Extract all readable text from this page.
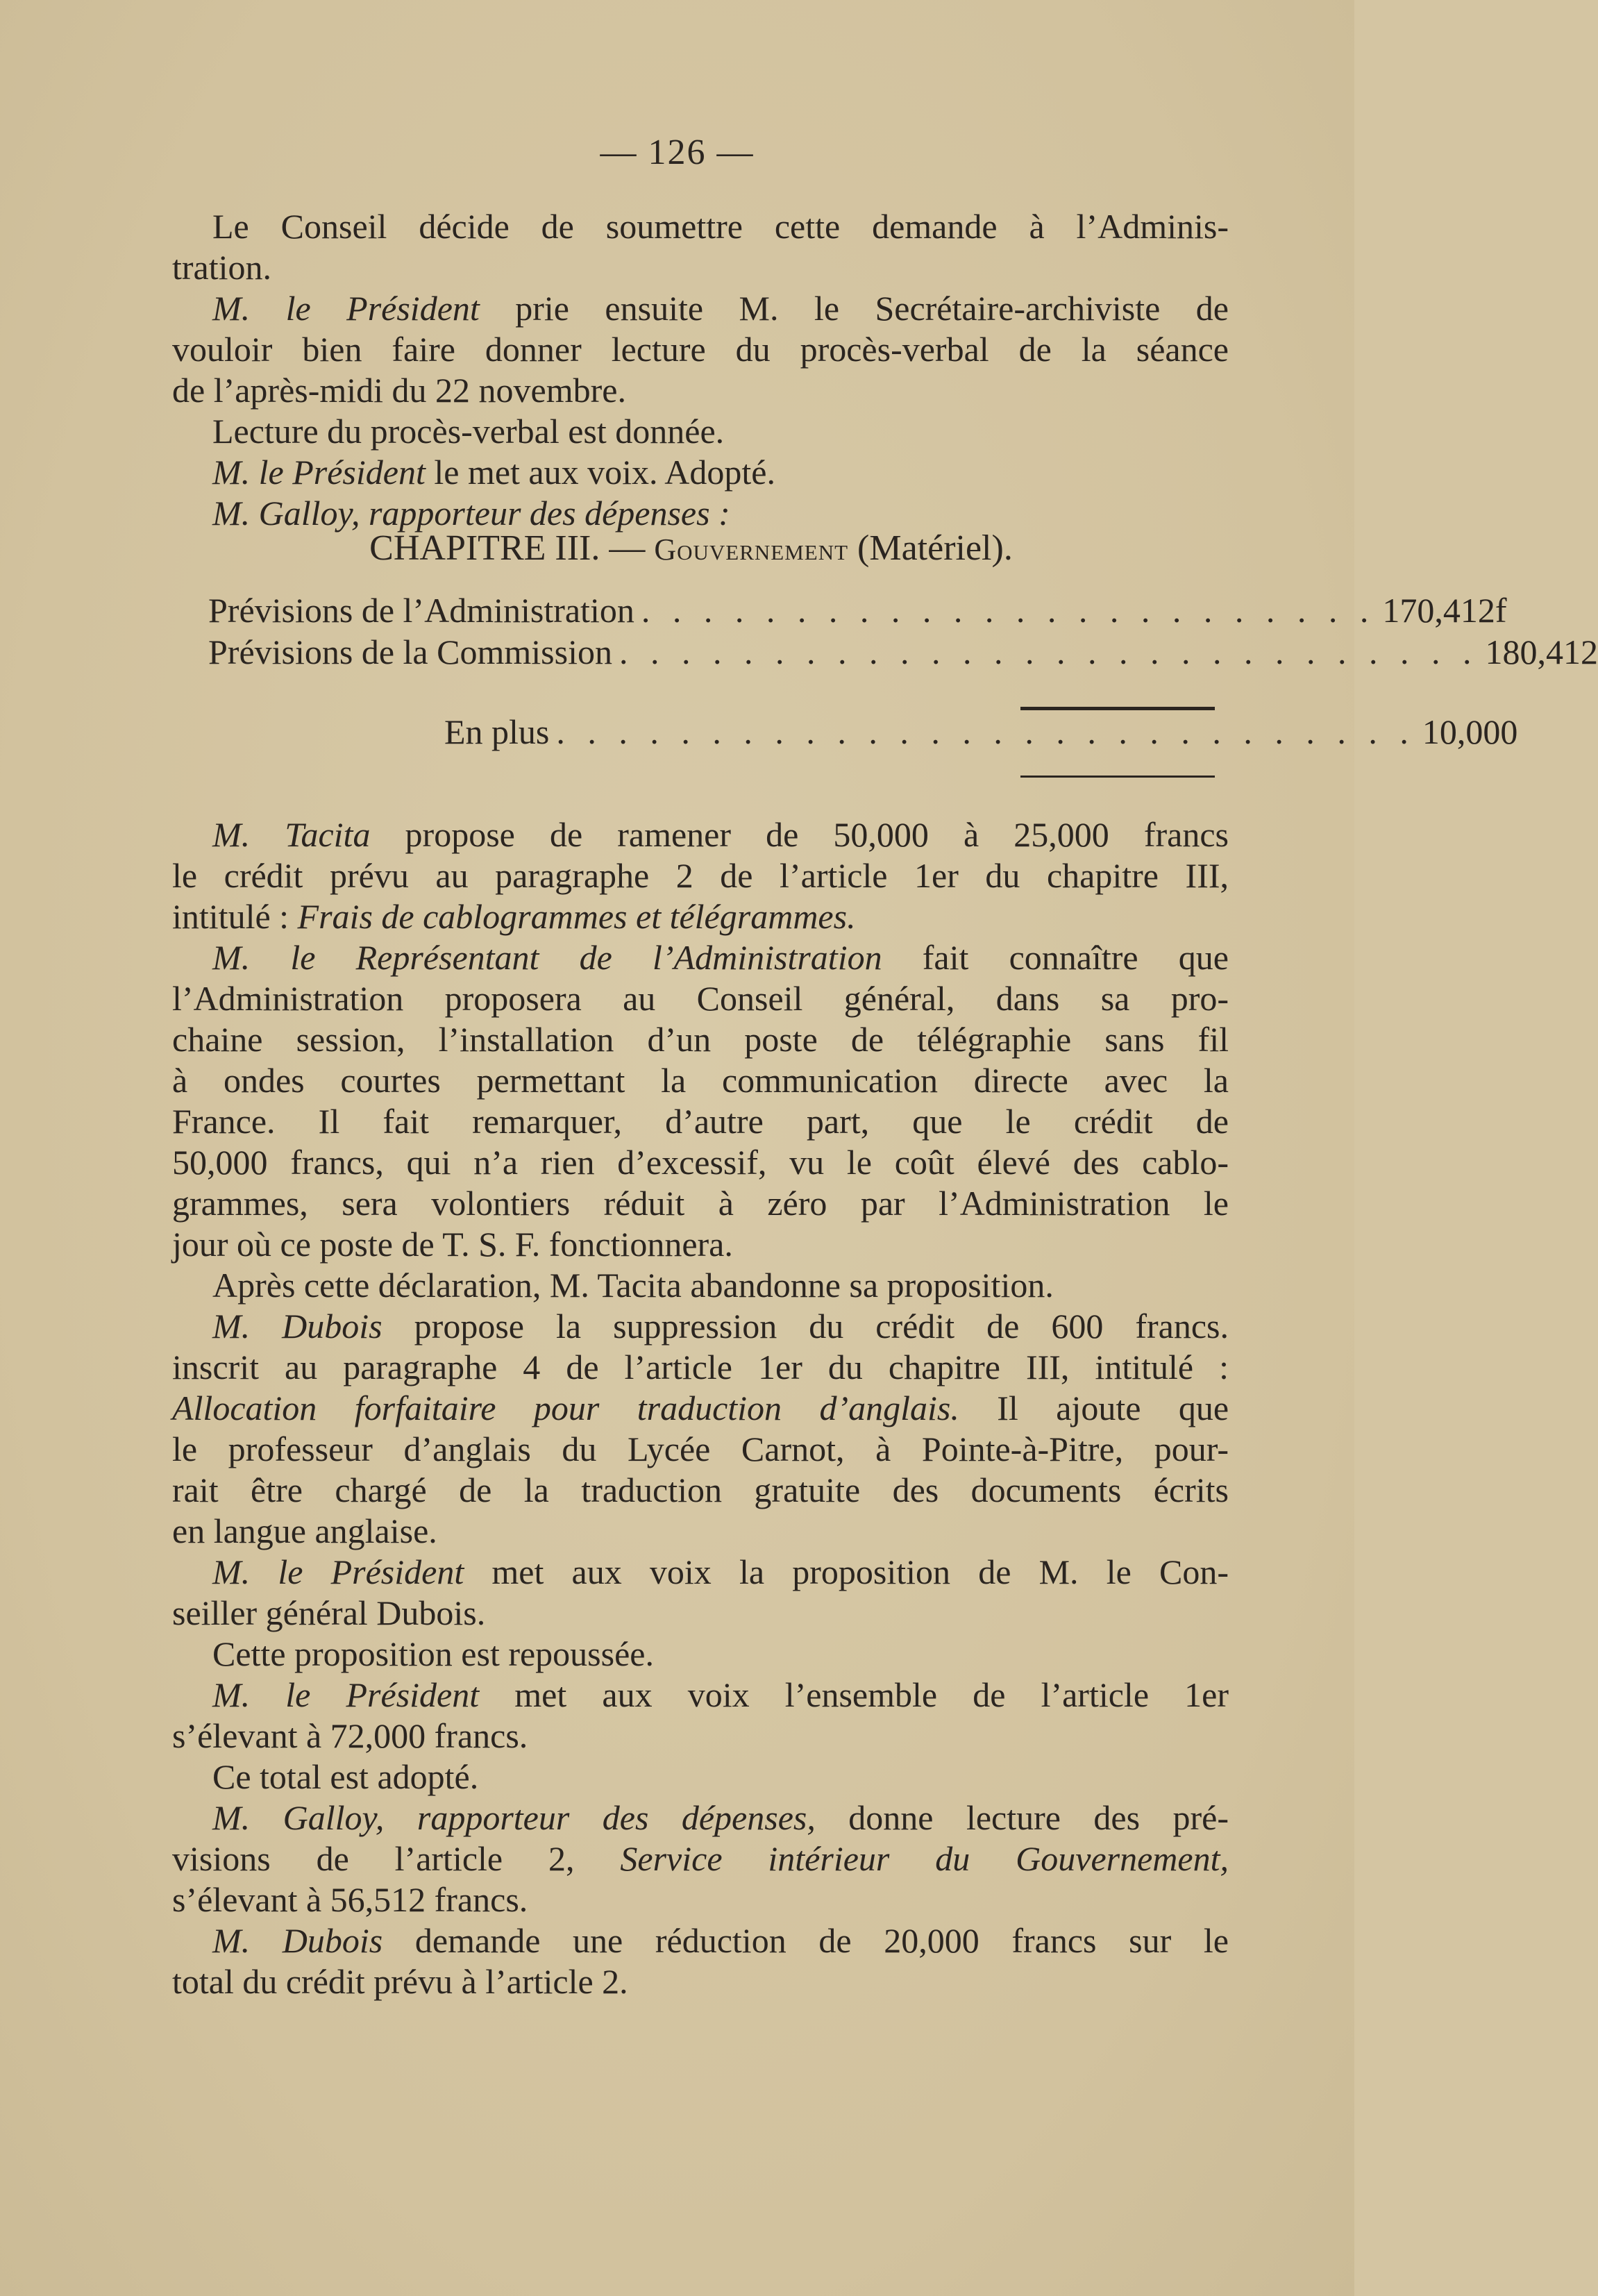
— 126 —
Le Conseil décide de soumettre cette demande à l’Adminis-
tration.
M. le Président prie ensuite M. le Secrétaire-archiviste de
vouloir bien faire donner lecture du procès-verbal de la séance
de l’après-midi du 22 novembre.
Lecture du procès-verbal est donnée.
M. le Président le met aux voix. Adopté.
M. Galloy, rapporteur des dépenses :
CHAPITRE III. — Gouvernement (Matériel).
Prévisions de l’Administration . . . . . . . . . . . . . . . . . . . . . . . . 170,412f
Prévisions de la Commission . . . . . . . . . . . . . . . . . . . . . . . . . . . . 180,412
En plus . . . . . . . . . . . . . . . . . . . . . . . . . . . . 10,000
M. Tacita propose de ramener de 50,000 à 25,000 francs
le crédit prévu au paragraphe 2 de l’article 1er du chapitre III,
intitulé : Frais de cablogrammes et télégrammes.
M. le Représentant de l’Administration fait connaître que
l’Administration proposera au Conseil général, dans sa pro-
chaine session, l’installation d’un poste de télégraphie sans fil
à ondes courtes permettant la communication directe avec la
France. Il fait remarquer, d’autre part, que le crédit de
50,000 francs, qui n’a rien d’excessif, vu le coût élevé des cablo-
grammes, sera volontiers réduit à zéro par l’Administration le
jour où ce poste de T. S. F. fonctionnera.
Après cette déclaration, M. Tacita abandonne sa proposition.
M. Dubois propose la suppression du crédit de 600 francs.
inscrit au paragraphe 4 de l’article 1er du chapitre III, intitulé :
Allocation forfaitaire pour traduction d’anglais. Il ajoute que
le professeur d’anglais du Lycée Carnot, à Pointe-à-Pitre, pour-
rait être chargé de la traduction gratuite des documents écrits
en langue anglaise.
M. le Président met aux voix la proposition de M. le Con-
seiller général Dubois.
Cette proposition est repoussée.
M. le Président met aux voix l’ensemble de l’article 1er
s’élevant à 72,000 francs.
Ce total est adopté.
M. Galloy, rapporteur des dépenses, donne lecture des pré-
visions de l’article 2, Service intérieur du Gouvernement,
s’élevant à 56,512 francs.
M. Dubois demande une réduction de 20,000 francs sur le
total du crédit prévu à l’article 2.
